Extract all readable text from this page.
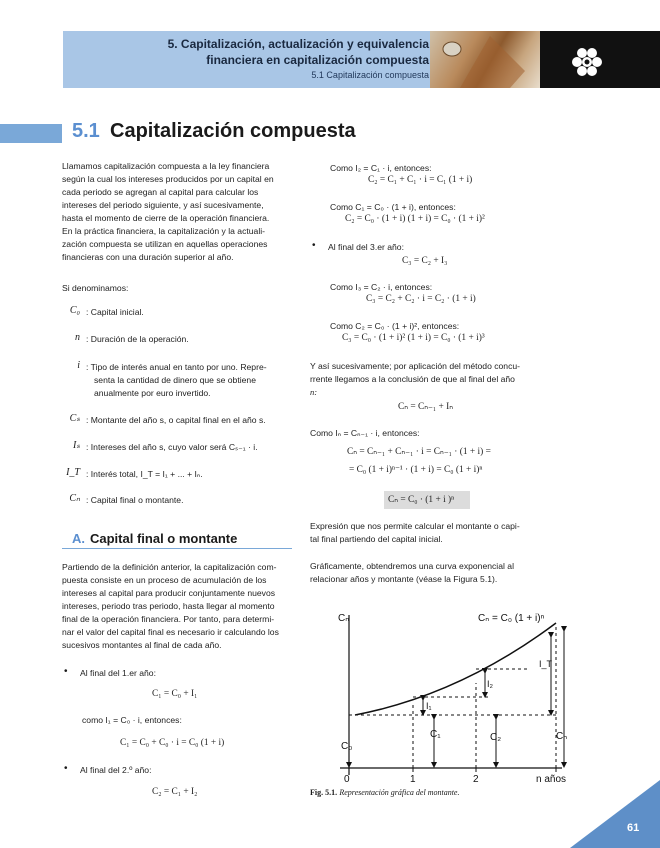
5. Capitalización, actualización y equivalencia
financiera en capitalización compuesta
5.1 Capitalización compuesta
5.1 Capitalización compuesta
Llamamos capitalización compuesta a la ley financiera
según la cual los intereses producidos por un capital en
cada periodo se agregan al capital para calcular los
intereses del periodo siguiente, y así sucesivamente,
hasta el momento de cierre de la operación financiera.
En la práctica financiera, la capitalización y la actuali-
zación compuesta se utilizan en aquellas operaciones
financieras con una duración superior al año.
Si denominamos:
C₀ : Capital inicial.
n : Duración de la operación.
i : Tipo de interés anual en tanto por uno. Repre-
senta la cantidad de dinero que se obtiene
anualmente por euro invertido.
Cₛ : Montante del año s, o capital final en el año s.
Iₛ : Intereses del año s, cuyo valor será Cₛ₋₁ · i.
I_T : Interés total, I_T = I₁ + ... + Iₙ.
Cₙ : Capital final o montante.
A. Capital final o montante
Partiendo de la definición anterior, la capitalización com-
puesta consiste en un proceso de acumulación de los
intereses al capital para producir conjuntamente nuevos
intereses, periodo tras periodo, hasta llegar al momento
final de la operación financiera. Por tanto, para determi-
nar el valor del capital final es necesario ir calculando los
sucesivos montantes al final de cada año.
• Al final del 1.er año:
C₁ = C₀ + I₁
como I₁ = C₀ · i, entonces:
C₁ = C₀ + C₀ · i = C₀ (1 + i)
• Al final del 2.º año:
C₂ = C₁ + I₂
Como I₂ = C₁ · i, entonces:
C₂ = C₁ + C₁ · i = C₁ (1 + i)
Como C₁ = C₀ · (1 + i), entonces:
C₂ = C₀ · (1 + i) (1 + i) = C₀ · (1 + i)²
• Al final del 3.er año:
C₃ = C₂ + I₃
Como I₃ = C₂ · i, entonces:
C₃ = C₂ + C₂ · i = C₂ · (1 + i)
Como C₂ = C₀ · (1 + i)², entonces:
C₃ = C₀ · (1 + i)² (1 + i) = C₀ · (1 + i)³
Y así sucesivamente; por aplicación del método concu-
rrente llegamos a la conclusión de que al final del año
n:
Cₙ = Cₙ₋₁ + Iₙ
Como Iₙ = Cₙ₋₁ · i, entonces:
Cₙ = Cₙ₋₁ + Cₙ₋₁ · i = Cₙ₋₁ · (1 + i) =
= C₀ (1 + i)ⁿ⁻¹ · (1 + i) = C₀ (1 + i)ⁿ
Cₙ = C₀ · (1 + i )ⁿ
Expresión que nos permite calcular el montante o capi-
tal final partiendo del capital inicial.
Gráficamente, obtendremos una curva exponencial al
relacionar años y montante (véase la Figura 5.1).
Cₙ	Cₙ = C₀ (1 + i)ⁿ
C₀
C₁	C₂	Cₙ
I₁
I₂
I_T
0	1	2	n años
Fig. 5.1. Representación gráfica del montante.
61
